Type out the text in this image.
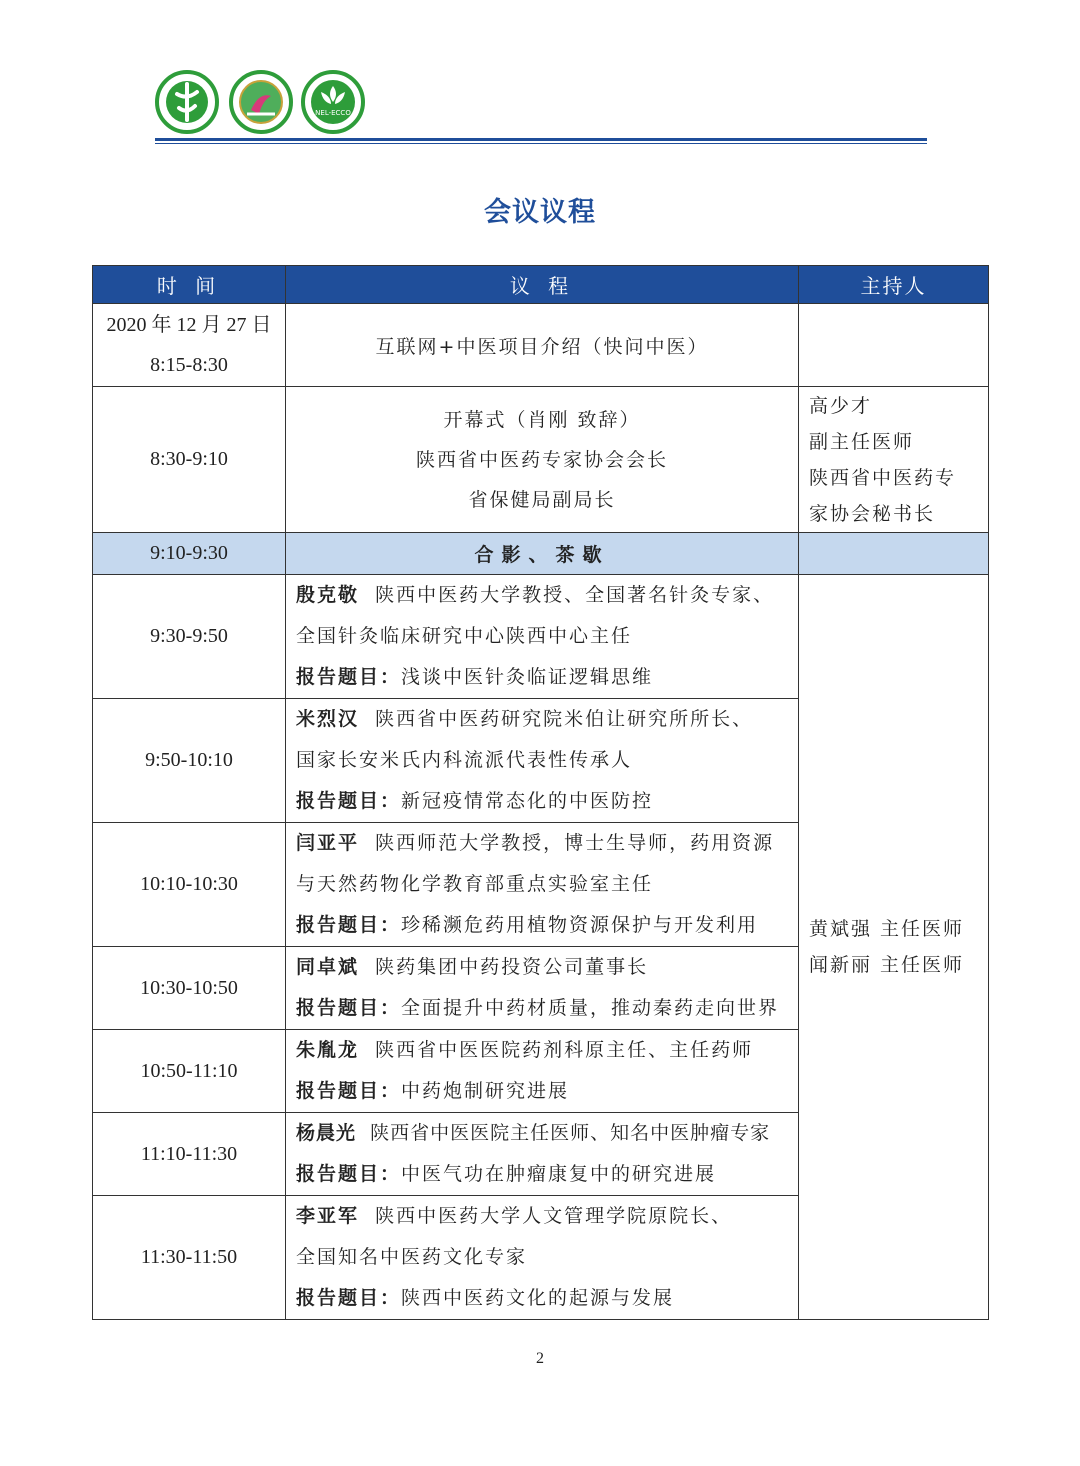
NEL-ECCO
会议议程
时 间	议 程	主持人

2020 年 12 月 27 日
8:15-8:30	互联网+中医项目介绍（快问中医）	
8:30-9:10	开幕式（肖刚 致辞）
陕西省中医药专家协会会长
省保健局副局长	高少才
副主任医师
陕西省中医药专
家协会秘书长

9:10-9:30	合影、茶歇	
9:30-9:50	殷克敬 陕西中医药大学教授、全国著名针灸专家、
全国针灸临床研究中心陕西中心主任
报告题目：浅谈中医针灸临证逻辑思维	黄斌强 主任医师
闻新丽 主任医师

9:50-10:10	米烈汉 陕西省中医药研究院米伯让研究所所长、
国家长安米氏内科流派代表性传承人
报告题目：新冠疫情常态化的中医防控	

10:10-10:30	闫亚平 陕西师范大学教授，博士生导师，药用资源
与天然药物化学教育部重点实验室主任
报告题目：珍稀濒危药用植物资源保护与开发利用	

10:30-10:50	同卓斌 陕药集团中药投资公司董事长
报告题目：全面提升中药材质量，推动秦药走向世界	

10:50-11:10	朱胤龙 陕西省中医医院药剂科原主任、主任药师
报告题目：中药炮制研究进展	

11:10-11:30	杨晨光 陕西省中医医院主任医师、知名中医肿瘤专家
报告题目：中医气功在肿瘤康复中的研究进展	

11:30-11:50	李亚军 陕西中医药大学人文管理学院原院长、
全国知名中医药文化专家
报告题目：陕西中医药文化的起源与发展	
2
